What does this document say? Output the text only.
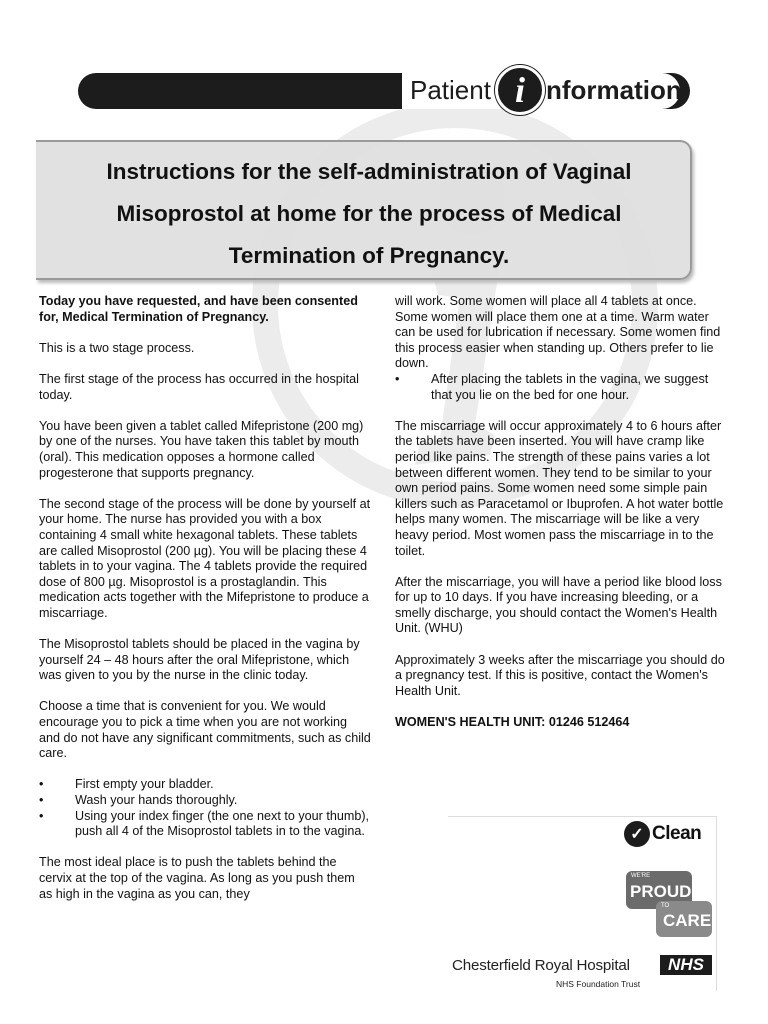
Patient i nformation
Instructions for the self-administration of Vaginal Misoprostol at home for the process of Medical Termination of Pregnancy.

Today you have requested, and have been consented for, Medical Termination of Pregnancy.

This is a two stage process.

The first stage of the process has occurred in the hospital today.

You have been given a tablet called Mifepristone (200 mg) by one of the nurses. You have taken this tablet by mouth (oral). This medication opposes a hormone called progesterone that supports pregnancy.

The second stage of the process will be done by yourself at your home. The nurse has provided you with a box containing 4 small white hexagonal tablets. These tablets are called Misoprostol (200 µg). You will be placing these 4 tablets in to your vagina. The 4 tablets provide the required dose of 800 µg. Misoprostol is a prostaglandin. This medication acts together with the Mifepristone to produce a miscarriage.

The Misoprostol tablets should be placed in the vagina by yourself 24 – 48 hours after the oral Mifepristone, which was given to you by the nurse in the clinic today.

Choose a time that is convenient for you. We would encourage you to pick a time when you are not working and do not have any significant commitments, such as child care.

• First empty your bladder.
• Wash your hands thoroughly.
• Using your index finger (the one next to your thumb), push all 4 of the Misoprostol tablets in to the vagina.

The most ideal place is to push the tablets behind the cervix at the top of the vagina. As long as you push them as high in the vagina as you can, they

will work. Some women will place all 4 tablets at once. Some women will place them one at a time. Warm water can be used for lubrication if necessary. Some women find this process easier when standing up. Others prefer to lie down.

• After placing the tablets in the vagina, we suggest that you lie on the bed for one hour.

The miscarriage will occur approximately 4 to 6 hours after the tablets have been inserted. You will have cramp like period like pains. The strength of these pains varies a lot between different women. They tend to be similar to your own period pains. Some women need some simple pain killers such as Paracetamol or Ibuprofen. A hot water bottle helps many women. The miscarriage will be like a very heavy period. Most women pass the miscarriage in to the toilet.

After the miscarriage, you will have a period like blood loss for up to 10 days. If you have increasing bleeding, or a smelly discharge, you should contact the Women's Health Unit. (WHU)

Approximately 3 weeks after the miscarriage you should do a pregnancy test. If this is positive, contact the Women's Health Unit.

WOMEN'S HEALTH UNIT: 01246 512464

✓ Clean
WE'RE
PROUD
TO
CARE
Chesterfield Royal Hospital	NHS
NHS Foundation Trust
